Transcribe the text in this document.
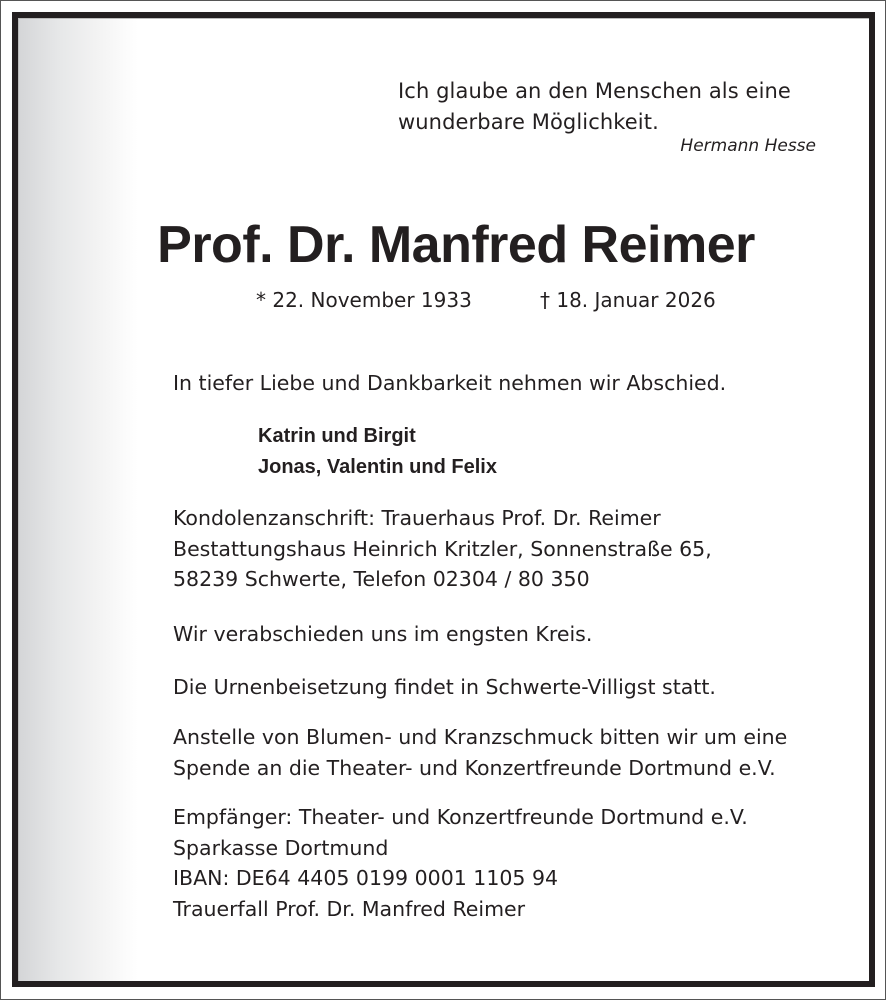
Ich glaube an den Menschen als eine
wunderbare Möglichkeit.
Hermann Hesse
Prof. Dr. Manfred Reimer
* 22. November 1933	† 18. Januar 2026
In tiefer Liebe und Dankbarkeit nehmen wir Abschied.
Katrin und Birgit
Jonas, Valentin und Felix
Kondolenzanschrift: Trauerhaus Prof. Dr. Reimer
Bestattungshaus Heinrich Kritzler, Sonnenstraße 65,
58239 Schwerte, Telefon 02304 / 80 350
Wir verabschieden uns im engsten Kreis.
Die Urnenbeisetzung findet in Schwerte-Villigst statt.
Anstelle von Blumen- und Kranzschmuck bitten wir um eine
Spende an die Theater- und Konzertfreunde Dortmund e.V.
Empfänger: Theater- und Konzertfreunde Dortmund e.V.
Sparkasse Dortmund
IBAN: DE64 4405 0199 0001 1105 94
Trauerfall Prof. Dr. Manfred Reimer
